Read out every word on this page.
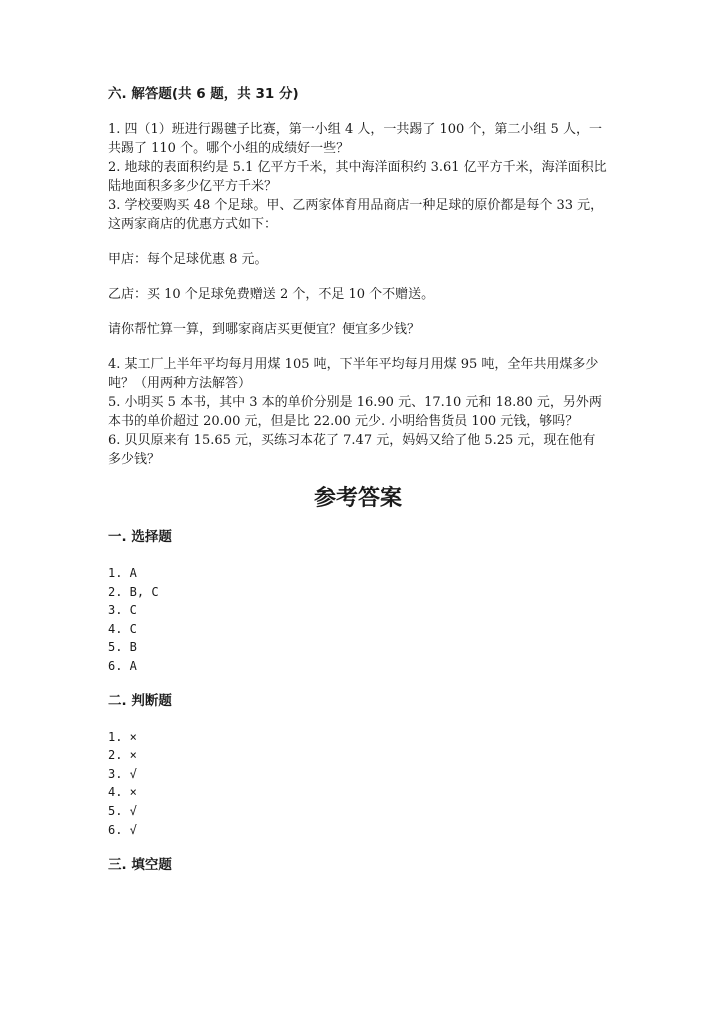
六. 解答题(共 6 题，共 31 分)

1. 四（1）班进行踢毽子比赛，第一小组 4 人，一共踢了 100 个，第二小组 5 人，一共踢了 110 个。哪个小组的成绩好一些？

2. 地球的表面积约是 5.1 亿平方千米，其中海洋面积约 3.61 亿平方千米，海洋面积比陆地面积多多少亿平方千米？

3. 学校要购买 48 个足球。甲、乙两家体育用品商店一种足球的原价都是每个 33 元，这两家商店的优惠方式如下：

甲店：每个足球优惠 8 元。

乙店：买 10 个足球免费赠送 2 个，不足 10 个不赠送。

请你帮忙算一算，到哪家商店买更便宜？便宜多少钱？

4. 某工厂上半年平均每月用煤 105 吨，下半年平均每月用煤 95 吨，全年共用煤多少吨？（用两种方法解答）

5. 小明买 5 本书，其中 3 本的单价分别是 16.90 元、17.10 元和 18.80 元，另外两本书的单价超过 20.00 元，但是比 22.00 元少. 小明给售货员 100 元钱，够吗？

6. 贝贝原来有 15.65 元，买练习本花了 7.47 元，妈妈又给了他 5.25 元，现在他有多少钱？

参考答案

一. 选择题

1. A
2. B, C
3. C
4. C
5. B
6. A

二. 判断题

1. ×
2. ×
3. √
4. ×
5. √
6. √

三. 填空题
